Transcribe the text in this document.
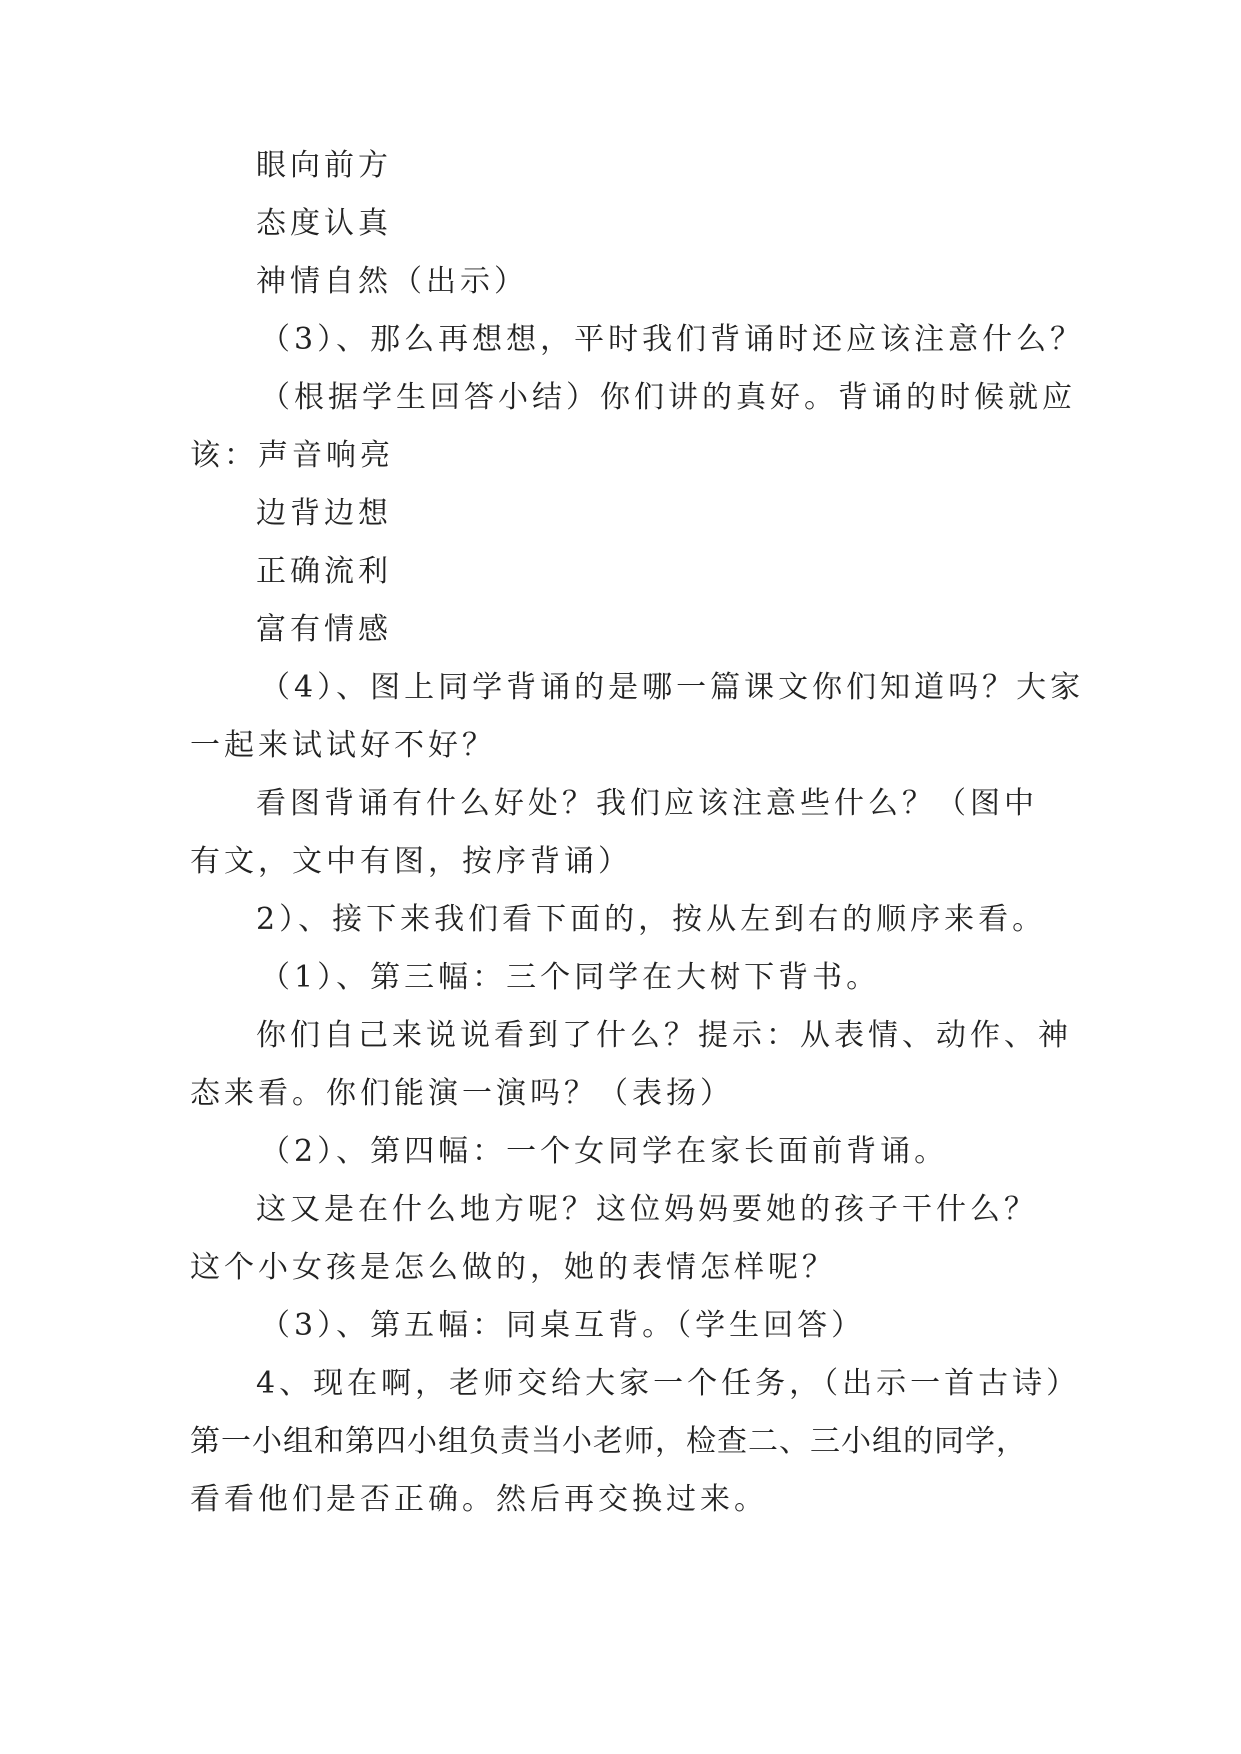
眼向前方
态度认真
神情自然（出示）
（3）、那么再想想，平时我们背诵时还应该注意什么？
（根据学生回答小结）你们讲的真好。背诵的时候就应
该：声音响亮
边背边想
正确流利
富有情感
（4）、图上同学背诵的是哪一篇课文你们知道吗？大家
一起来试试好不好？
看图背诵有什么好处？我们应该注意些什么？（图中
有文，文中有图，按序背诵）
2）、接下来我们看下面的，按从左到右的顺序来看。
（1）、第三幅：三个同学在大树下背书。
你们自己来说说看到了什么？提示：从表情、动作、神
态来看。你们能演一演吗？（表扬）
（2）、第四幅：一个女同学在家长面前背诵。
这又是在什么地方呢？这位妈妈要她的孩子干什么？
这个小女孩是怎么做的，她的表情怎样呢？
（3）、第五幅：同桌互背。（学生回答）
4、现在啊，老师交给大家一个任务，（出示一首古诗）
第一小组和第四小组负责当小老师，检查二、三小组的同学，
看看他们是否正确。然后再交换过来。
